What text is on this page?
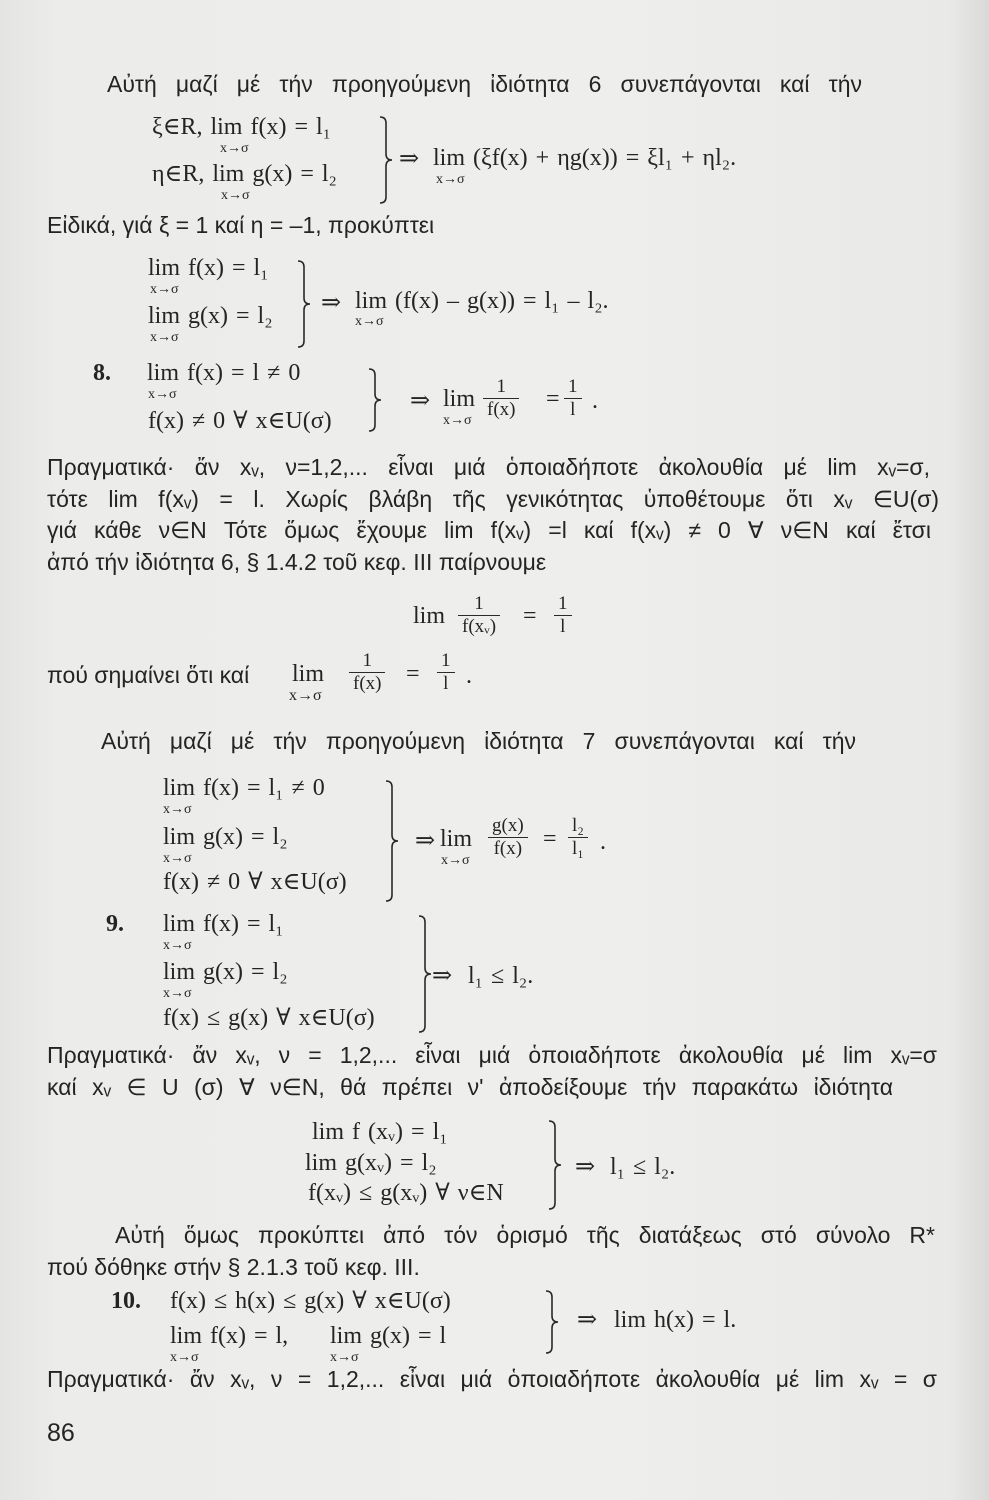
Αὐτή μαζί μέ τήν προηγούμενη ἰδιότητα 6 συνεπάγονται καί τήν
ξ∈R, lim f(x) = l₁
x→σ
η∈R, lim g(x) = l₂
x→σ
⇒ lim (ξf(x) + ηg(x)) = ξl₁ + ηl₂.
x→σ
Εἰδικά, γιά ξ = 1 καί η = –1, προκύπτει
lim f(x) = l₁
x→σ
lim g(x) = l₂
x→σ
⇒ lim (f(x) – g(x)) = l₁ – l₂.
x→σ
8. lim f(x) = l ≠ 0
x→σ
f(x) ≠ 0 ∀ x∈U(σ)
⇒ lim
$x\to\sigma \frac{1}{f(x)} = \frac{1}{l}$ .
Πραγματικά· ἄν xᵥ, ν=1,2,... εἶναι μιά ὁποιαδήποτε ἀκολουθία μέ lim xᵥ=σ,
τότε lim f(xᵥ) = l. Χωρίς βλάβη τῆς γενικότητας ὑποθέτουμε ὅτι xᵥ ∈U(σ)
γιά κάθε ν∈N Τότε ὅμως ἔχουμε lim f(xᵥ) =l καί f(xᵥ) ≠ 0 ∀ ν∈N καί ἔτσι
ἀπό τήν ἰδιότητα 6, § 1.4.2 τοῦ κεφ. III παίρνουμε
$\lim \frac{1}{\text{f(xᵥ)}} = \frac{1}{l}$
πού σημαίνει ὅτι καί lim
x→σ
$\frac{1}{f(x)} = \frac{1}{l}$ .
Αὐτή μαζί μέ τήν προηγούμενη ἰδιότητα 7 συνεπάγονται καί τήν
lim f(x) = l₁ ≠ 0
x→σ
lim g(x) = l₂
x→σ
f(x) ≠ 0 ∀ x∈U(σ)
⇒ lim
x→σ
$\frac{g(x)}{f(x)} = \frac{\text{l₂}}{\text{l₁}}$ .
9. lim f(x) = l₁
x→σ
lim g(x) = l₂
x→σ
f(x) ≤ g(x) ∀ x∈U(σ)
⇒ l₁ ≤ l₂.
Πραγματικά· ἄν xᵥ, ν = 1,2,... εἶναι μιά ὁποιαδήποτε ἀκολουθία μέ lim xᵥ=σ
καί xᵥ ∈ U (σ) ∀ ν∈N, θά πρέπει ν' ἀποδείξουμε τήν παρακάτω ἰδιότητα
lim f (xᵥ) = l₁
lim g(xᵥ) = l₂
f(xᵥ) ≤ g(xᵥ) ∀ ν∈N
⇒ l₁ ≤ l₂.
Αὐτή ὅμως προκύπτει ἀπό τόν ὁρισμό τῆς διατάξεως στό σύνολο R*
πού δόθηκε στήν § 2.1.3 τοῦ κεφ. III.
10. f(x) ≤ h(x) ≤ g(x) ∀ x∈U(σ)
lim f(x) = l,
x→σ
lim g(x) = l
x→σ
⇒ lim h(x) = l.
Πραγματικά· ἄν xᵥ, ν = 1,2,... εἶναι μιά ὁποιαδήποτε ἀκολουθία μέ lim xᵥ = σ
86
